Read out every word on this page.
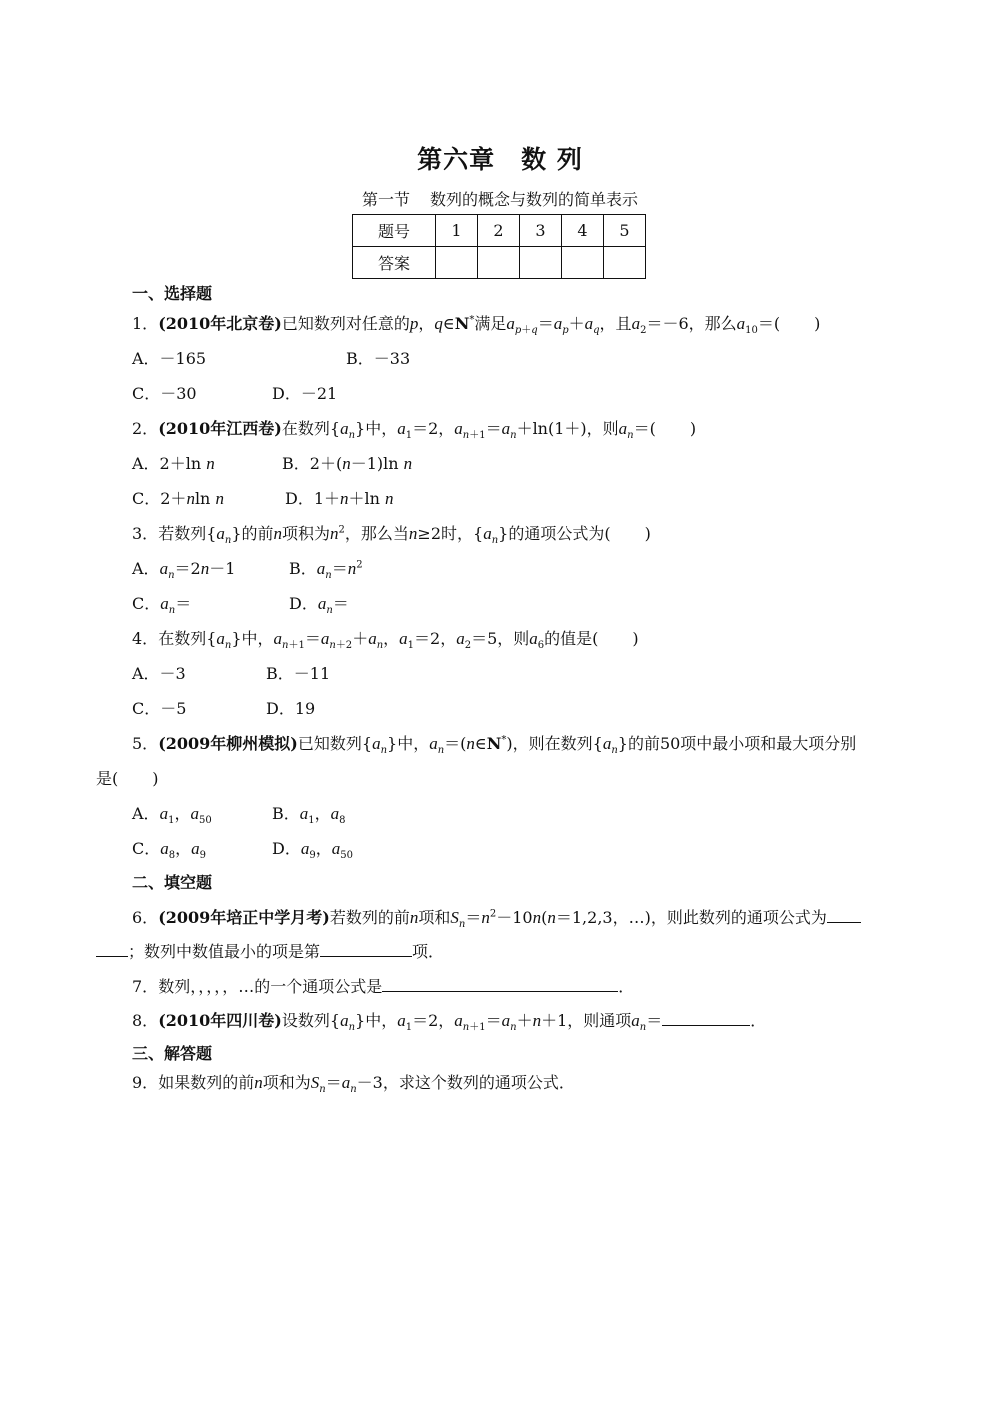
第六章 数 列
第一节 数列的概念与数列的简单表示
题号	1	2	3	4	5
答案					
一、选择题
1．(2010年北京卷)已知数列对任意的p，q∈N*满足$a_{p+q}=a_p+a_q$，且$a_2=-6$，那么$a_{10}=$( )
A．－165	B．－33
C．－30	D．－21
2．(2010年江西卷)在数列$\{a_n\}$中，$a_1=2$，$a_{n+1}=a_n+\ln(1+)$，则$a_n=$( )
A．2＋ln n	B．2＋(n－1)ln n
C．2＋nln n	D．1＋n＋ln n
3．若数列$\{a_n\}$的前n项积为$n^2$，那么当n≥2时，$\{a_n\}$的通项公式为( )
A．$a_n=2n-1$	B．$a_n=n^2$
C．$a_n=$	D．$a_n=$
4．在数列$\{a_n\}$中，$a_{n+1}=a_{n+2}+a_n$，$a_1=2$，$a_2=5$，则$a_6$的值是( )
A．－3	B．－11
C．－5	D．19
5．(2009年柳州模拟)已知数列$\{a_n\}$中，$a_n=(n\in N^*)$，则在数列$\{a_n\}$的前50项中最小项和最大项分别
是( )
A．$a_1$，$a_{50}$	B．$a_1$，$a_8$
C．$a_8$，$a_9$	D．$a_9$，$a_{50}$
二、填空题
6．(2009年培正中学月考)若数列的前n项和$S_n=n^2-10n(n=1,2,3$，…)，则此数列的通项公式为
；数列中数值最小的项是第	项．
7．数列，，，，，…的一个通项公式是	．
8．(2010年四川卷)设数列$\{a_n\}$中，$a_1=2$，$a_{n+1}=a_n+n+1$，则通项$a_n=$	．
三、解答题
9．如果数列的前n项和为$S_n=a_n-3$，求这个数列的通项公式．
